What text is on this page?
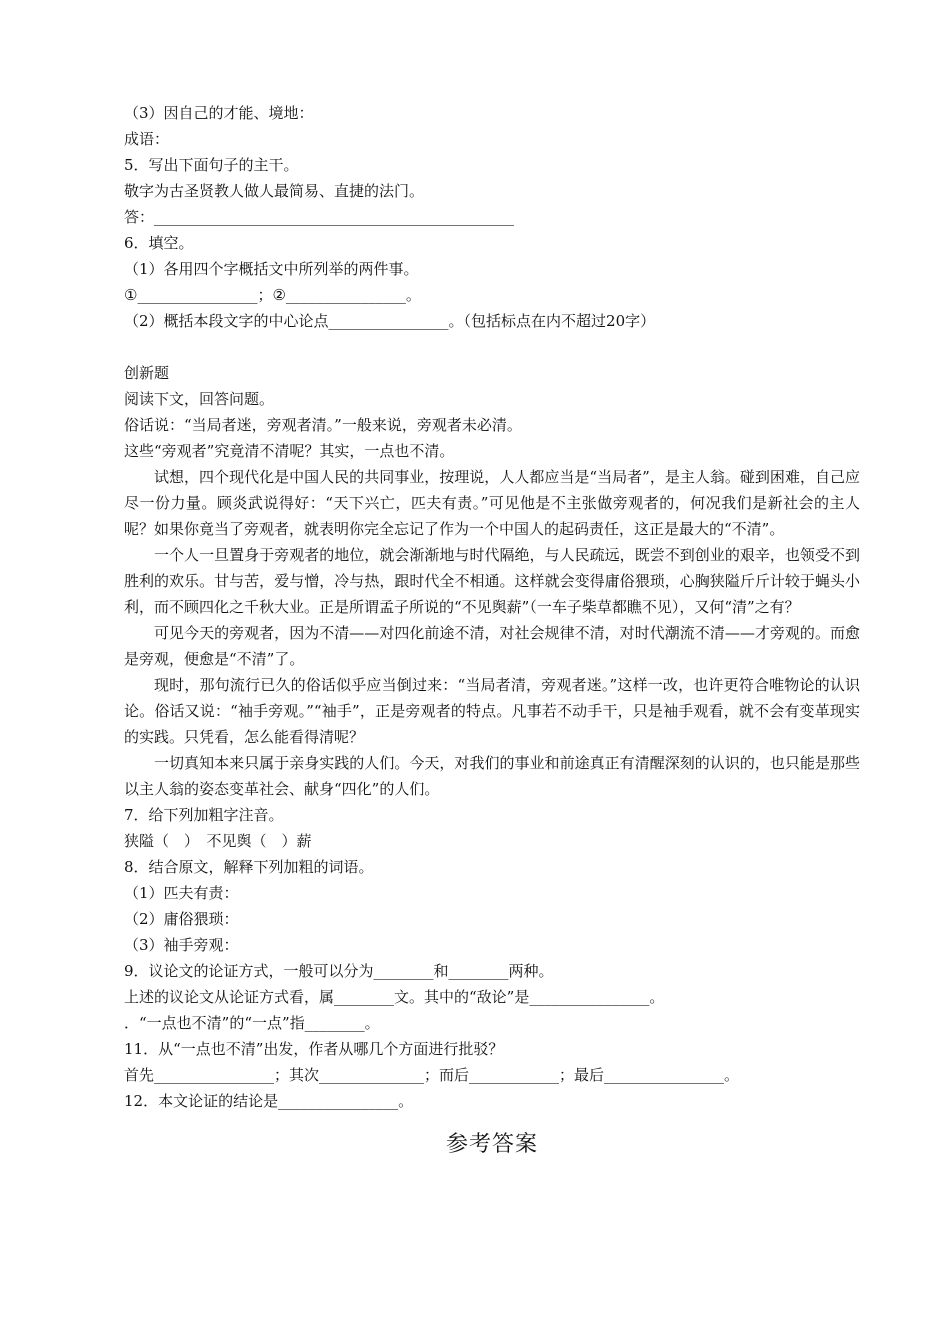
（3）因自己的才能、境地：
成语：
5．写出下面句子的主干。
敬字为古圣贤教人做人最简易、直捷的法门。
答：________________________________________________
6．填空。
（1）各用四个字概括文中所列举的两件事。
①________________；②________________。
（2）概括本段文字的中心论点________________。（包括标点在内不超过20字）
创新题
阅读下文，回答问题。
俗话说：“当局者迷，旁观者清。”一般来说，旁观者未必清。
这些“旁观者”究竟清不清呢？其实，一点也不清。
试想，四个现代化是中国人民的共同事业，按理说，人人都应当是“当局者”，是主人翁。碰到困难，自己应尽一份力量。顾炎武说得好：“天下兴亡，匹夫有责。”可见他是不主张做旁观者的，何况我们是新社会的主人呢？如果你竟当了旁观者，就表明你完全忘记了作为一个中国人的起码责任，这正是最大的“不清”。
一个人一旦置身于旁观者的地位，就会渐渐地与时代隔绝，与人民疏远，既尝不到创业的艰辛，也领受不到胜利的欢乐。甘与苦，爱与憎，冷与热，跟时代全不相通。这样就会变得庸俗猥琐，心胸狭隘斤斤计较于蝇头小利，而不顾四化之千秋大业。正是所谓孟子所说的“不见舆薪”（一车子柴草都瞧不见），又何“清”之有？
可见今天的旁观者，因为不清——对四化前途不清，对社会规律不清，对时代潮流不清——才旁观的。而愈是旁观，便愈是“不清”了。
现时，那句流行已久的俗话似乎应当倒过来：“当局者清，旁观者迷。”这样一改，也许更符合唯物论的认识论。俗话又说：“袖手旁观。”“袖手”，正是旁观者的特点。凡事若不动手干，只是袖手观看，就不会有变革现实的实践。只凭看，怎么能看得清呢？
一切真知本来只属于亲身实践的人们。今天，对我们的事业和前途真正有清醒深刻的认识的，也只能是那些以主人翁的姿态变革社会、献身“四化”的人们。
7．给下列加粗字注音。
狭隘（　）　不见舆（　）薪
8．结合原文，解释下列加粗的词语。
（1）匹夫有责：
（2）庸俗猥琐：
（3）袖手旁观：
9．议论文的论证方式，一般可以分为________和________两种。
上述的议论文从论证方式看，属________文。其中的“敌论”是________________。
．“一点也不清”的“一点”指________。
11．从“一点也不清”出发，作者从哪几个方面进行批驳？
首先________________；其次______________；而后____________；最后________________。
12．本文论证的结论是________________。
参考答案
